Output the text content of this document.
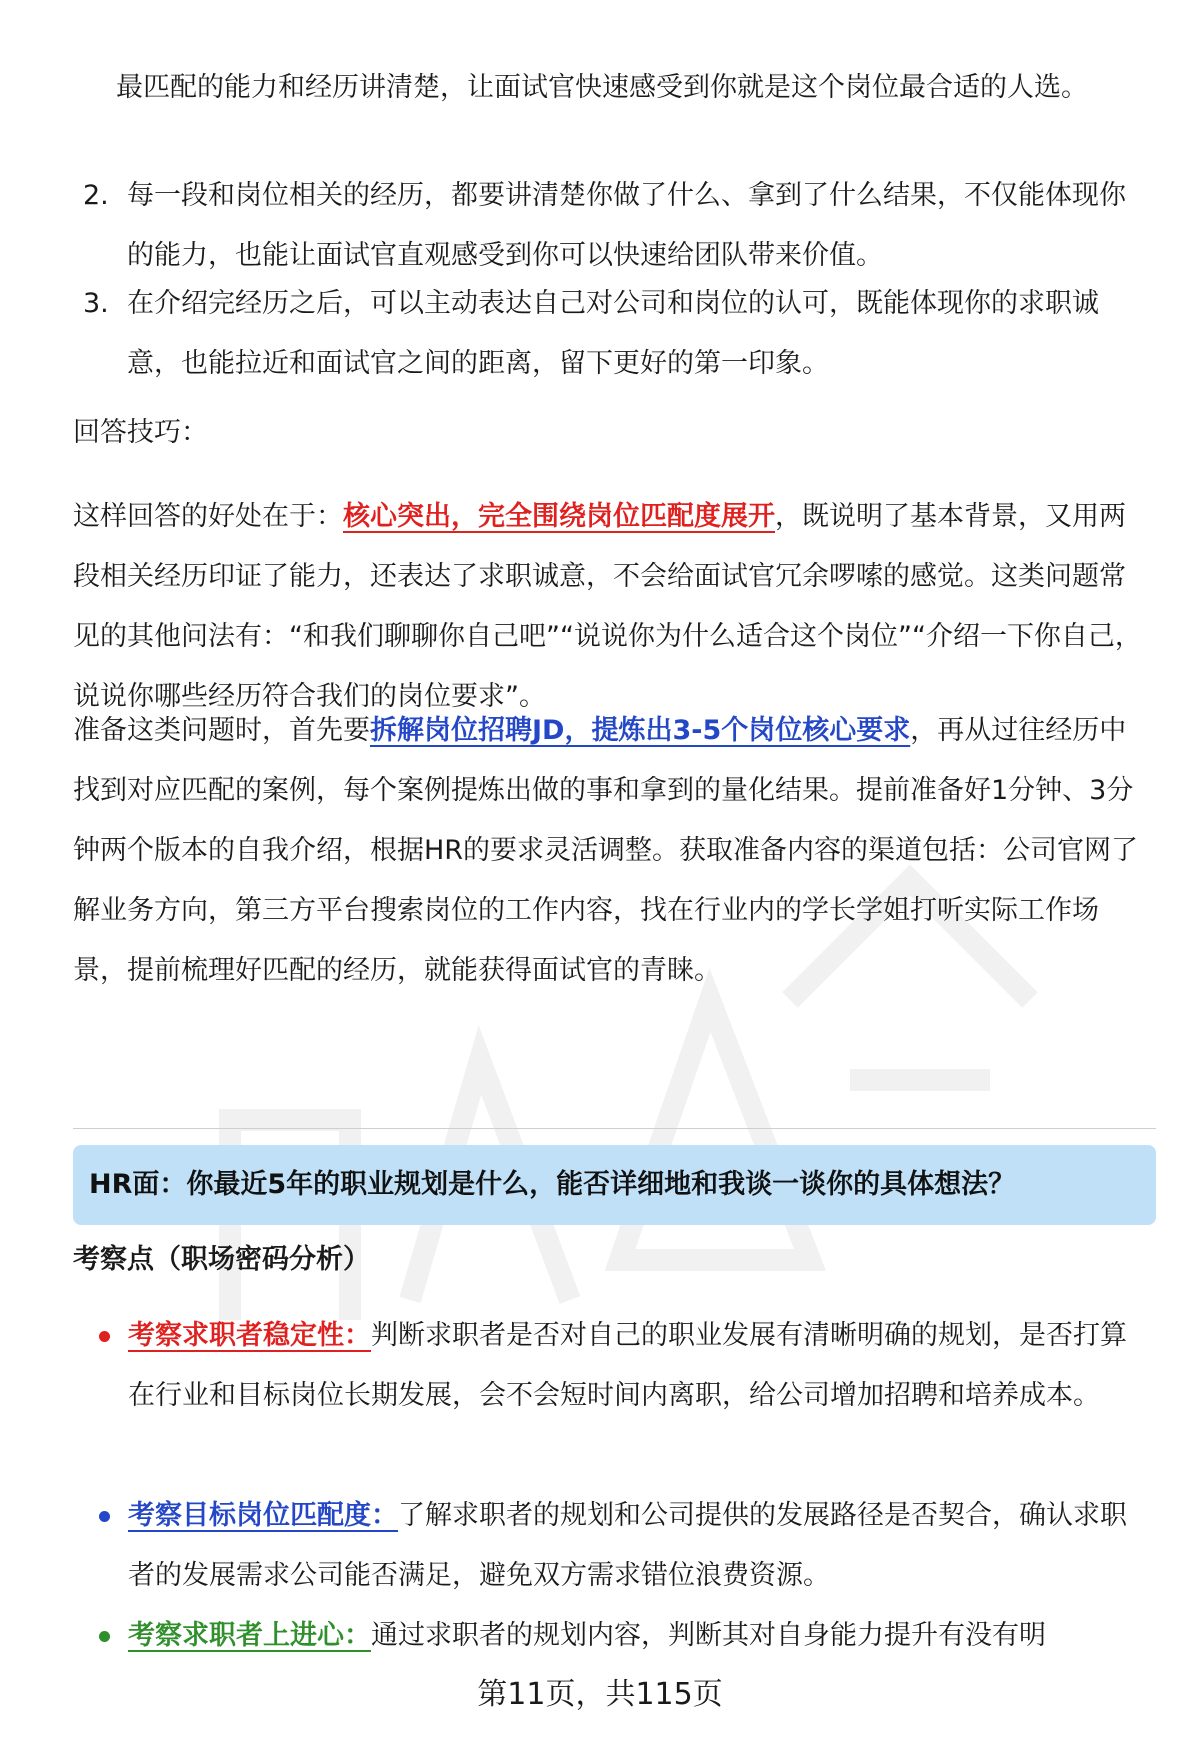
最匹配的能力和经历讲清楚，让面试官快速感受到你就是这个岗位最合适的人选。

2. 每一段和岗位相关的经历，都要讲清楚你做了什么、拿到了什么结果，不仅能体现你的能力，也能让面试官直观感受到你可以快速给团队带来价值。
3. 在介绍完经历之后，可以主动表达自己对公司和岗位的认可，既能体现你的求职诚意，也能拉近和面试官之间的距离，留下更好的第一印象。

回答技巧：

这样回答的好处在于：核心突出，完全围绕岗位匹配度展开，既说明了基本背景，又用两段相关经历印证了能力，还表达了求职诚意，不会给面试官冗余啰嗦的感觉。这类问题常见的其他问法有：“和我们聊聊你自己吧”“说说你为什么适合这个岗位”“介绍一下你自己，说说你哪些经历符合我们的岗位要求”。

准备这类问题时，首先要拆解岗位招聘JD，提炼出3-5个岗位核心要求，再从过往经历中找到对应匹配的案例，每个案例提炼出做的事和拿到的量化结果。提前准备好1分钟、3分钟两个版本的自我介绍，根据HR的要求灵活调整。获取准备内容的渠道包括：公司官网了解业务方向，第三方平台搜索岗位的工作内容，找在行业内的学长学姐打听实际工作场景，提前梳理好匹配的经历，就能获得面试官的青睐。

HR面：你最近5年的职业规划是什么，能否详细地和我谈一谈你的具体想法？
考察点（职场密码分析）
考察求职者稳定性：判断求职者是否对自己的职业发展有清晰明确的规划，是否打算在行业和目标岗位长期发展，会不会短时间内离职，给公司增加招聘和培养成本。
考察目标岗位匹配度：了解求职者的规划和公司提供的发展路径是否契合，确认求职者的发展需求公司能否满足，避免双方需求错位浪费资源。
考察求职者上进心：通过求职者的规划内容，判断其对自身能力提升有没有明
第11页，共115页
